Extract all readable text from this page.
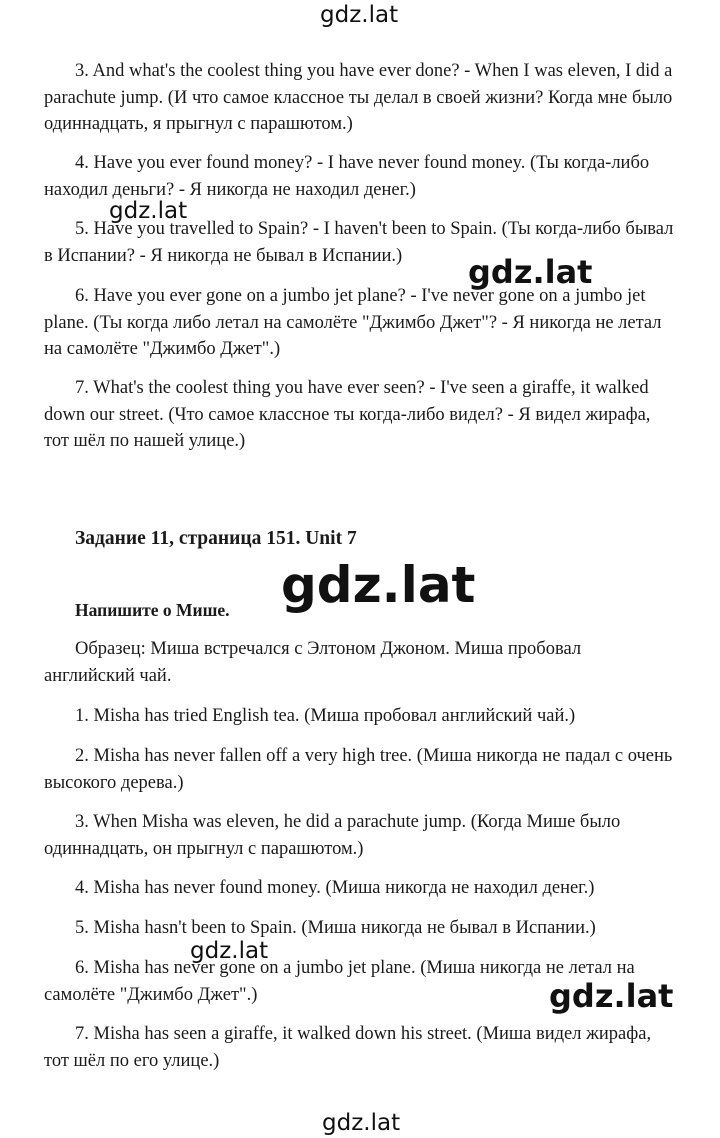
3. And what's the coolest thing you have ever done? - When I was eleven, I did a parachute jump. (И что самое классное ты делал в своей жизни? Когда мне было одиннадцать, я прыгнул с парашютом.)

4. Have you ever found money? - I have never found money. (Ты когда-либо находил деньги? - Я никогда не находил денег.)

5. Have you travelled to Spain? - I haven't been to Spain. (Ты когда-либо бывал в Испании? - Я никогда не бывал в Испании.)

6. Have you ever gone on a jumbo jet plane? - I've never gone on a jumbo jet plane. (Ты когда либо летал на самолёте "Джимбо Джет"? - Я никогда не летал на самолёте "Джимбо Джет".)

7. What's the coolest thing you have ever seen? - I've seen a giraffe, it walked down our street. (Что самое классное ты когда-либо видел? - Я видел жирафа, тот шёл по нашей улице.)

Задание 11, страница 151. Unit 7
Напишите о Мише.

Образец: Миша встречался с Элтоном Джоном. Миша пробовал английский чай.

1. Misha has tried English tea. (Миша пробовал английский чай.)

2. Misha has never fallen off a very high tree. (Миша никогда не падал с очень высокого дерева.)

3. When Misha was eleven, he did a parachute jump. (Когда Мише было одиннадцать, он прыгнул с парашютом.)

4. Misha has never found money. (Миша никогда не находил денег.)

5. Misha hasn't been to Spain. (Миша никогда не бывал в Испании.)

6. Misha has never gone on a jumbo jet plane. (Миша никогда не летал на самолёте "Джимбо Джет".)

7. Misha has seen a giraffe, it walked down his street. (Миша видел жирафа, тот шёл по его улице.)

gdz.lat
gdz.lat
gdz.lat
gdz.lat
gdz.lat
gdz.lat
gdz.lat
